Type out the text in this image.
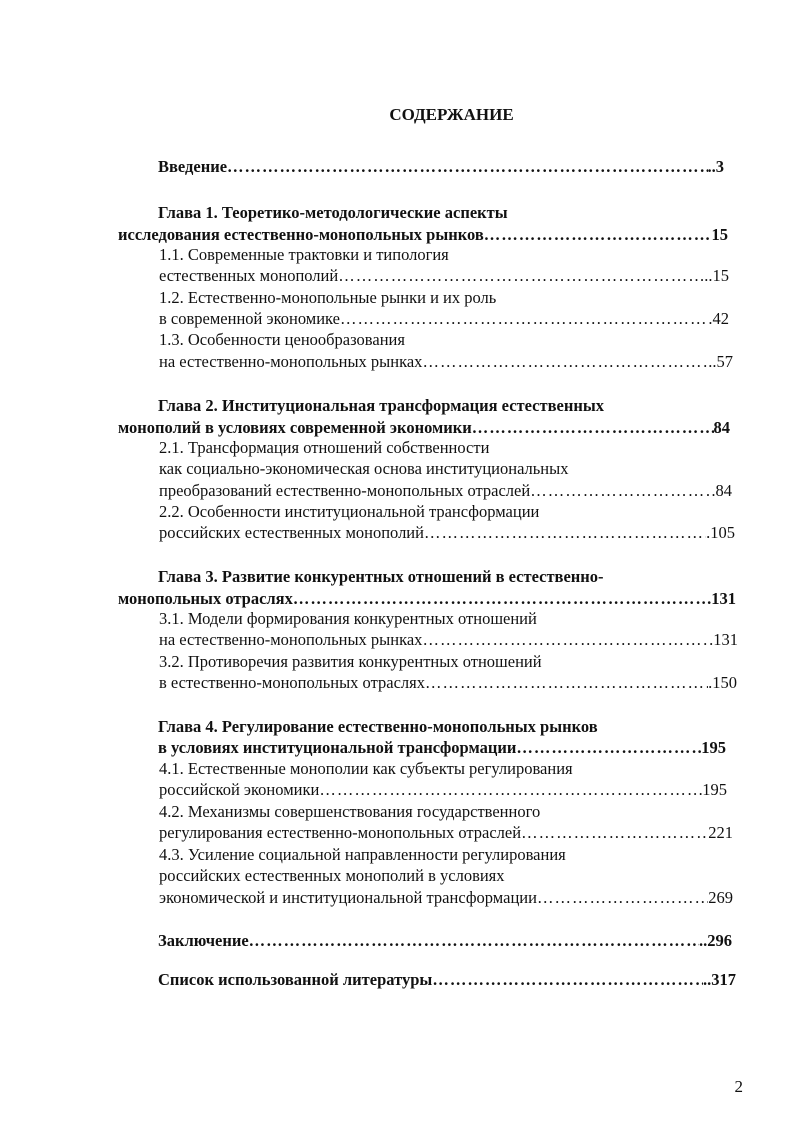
СОДЕРЖАНИЕ
Введение …………………………………………………………………………………………………………………………………………………………………………………………………………………………………………	..3
Глава 1. Теоретико-методологические аспекты
исследования естественно-монопольных рынков …………………………………………………………………………………………………………………………………………………………………………………………………………………………………………	15
1.1. Современные трактовки и типология
естественных монополий …………………………………………………………………………………………………………………………………………………………………………………………………………………………………………	..15
1.2. Естественно-монопольные рынки и их роль
в современной экономике …………………………………………………………………………………………………………………………………………………………………………………………………………………………………………	.42
1.3. Особенности ценообразования
на естественно-монопольных рынках …………………………………………………………………………………………………………………………………………………………………………………………………………………………………………	..57
Глава 2. Институциональная трансформация естественных
монополий в условиях современной экономики …………………………………………………………………………………………………………………………………………………………………………………………………………………………………………	84
2.1. Трансформация отношений собственности
как социально-экономическая основа институциональных
преобразований естественно-монопольных отраслей …………………………………………………………………………………………………………………………………………………………………………………………………………………………………………	84
2.2. Особенности институциональной трансформации
российских естественных монополий …………………………………………………………………………………………………………………………………………………………………………………………………………………………………………	.105
Глава 3. Развитие конкурентных отношений в естественно-
монопольных отраслях …………………………………………………………………………………………………………………………………………………………………………………………………………………………………………	131
3.1. Модели формирования конкурентных отношений
на естественно-монопольных рынках …………………………………………………………………………………………………………………………………………………………………………………………………………………………………………	.131
3.2. Противоречия развития конкурентных отношений
в естественно-монопольных отраслях …………………………………………………………………………………………………………………………………………………………………………………………………………………………………………	.150
Глава 4. Регулирование естественно-монопольных рынков
в условиях институциональной трансформации …………………………………………………………………………………………………………………………………………………………………………………………………………………………………………	195
4.1. Естественные монополии как субъекты регулирования
российской экономики …………………………………………………………………………………………………………………………………………………………………………………………………………………………………………	195
4.2. Механизмы совершенствования государственного
регулирования естественно-монопольных отраслей …………………………………………………………………………………………………………………………………………………………………………………………………………………………………………	221
4.3. Усиление социальной направленности регулирования
российских естественных монополий в условиях
экономической и институциональной трансформации …………………………………………………………………………………………………………………………………………………………………………………………………………………………………………	269
Заключение …………………………………………………………………………………………………………………………………………………………………………………………………………………………………………	..296
Список использованной литературы …………………………………………………………………………………………………………………………………………………………………………………………………………………………………………	..317
2
